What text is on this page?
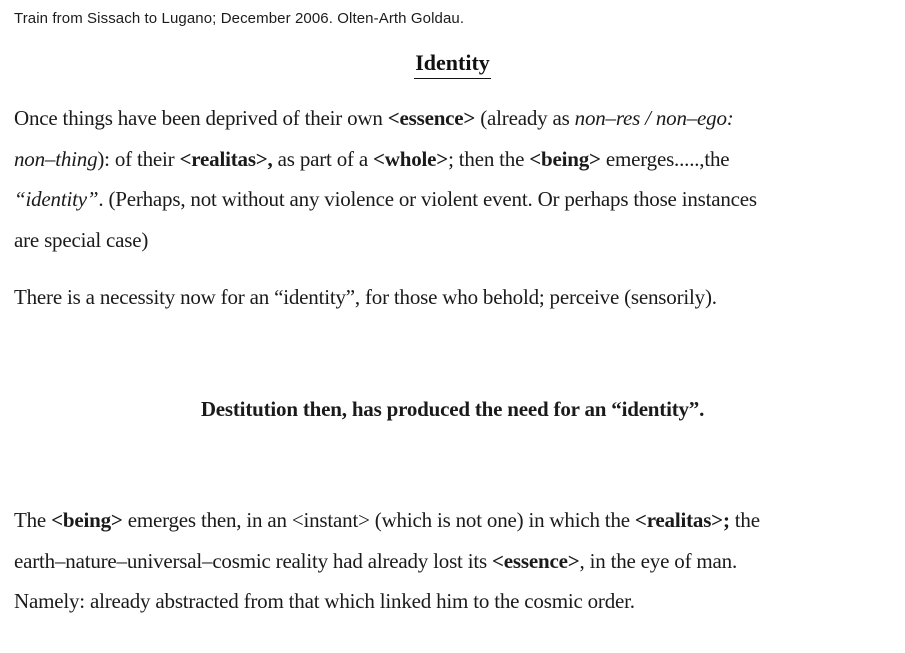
Train from Sissach to Lugano; December 2006. Olten-Arth Goldau.
Identity
Once things have been deprived of their own <essence> (already as non–res / non–ego:
non–thing): of their <realitas>, as part of a <whole>; then the <being> emerges.....,the
“identity”. (Perhaps, not without any violence or violent event. Or perhaps those instances
are special case)
There is a necessity now for an “identity”, for those who behold; perceive (sensorily).
Destitution then, has produced the need for an “identity”.
The <being> emerges then, in an <instant> (which is not one) in which the <realitas>; the
earth–nature–universal–cosmic reality had already lost its <essence>, in the eye of man.
Namely: already abstracted from that which linked him to the cosmic order.
